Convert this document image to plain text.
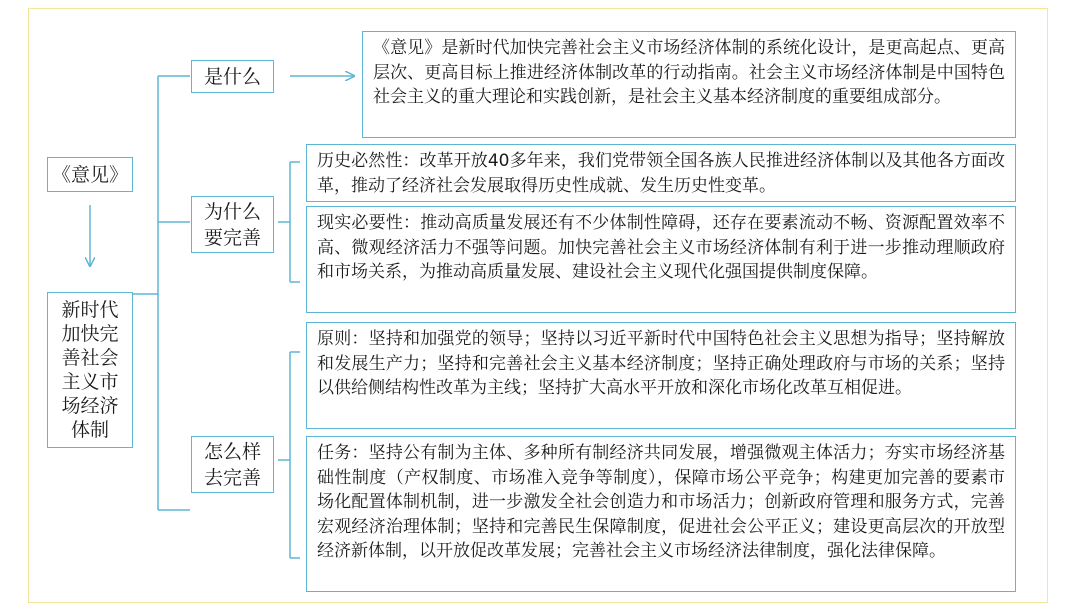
《意见》
新时代加快完善社会主义市场经济体制
是什么
《意见》是新时代加快完善社会主义市场经济体制的系统化设计，是更高起点、更高层次、更高目标上推进经济体制改革的行动指南。社会主义市场经济体制是中国特色社会主义的重大理论和实践创新，是社会主义基本经济制度的重要组成部分。
为什么要完善
历史必然性：改革开放40多年来，我们党带领全国各族人民推进经济体制以及其他各方面改革，推动了经济社会发展取得历史性成就、发生历史性变革。
现实必要性：推动高质量发展还有不少体制性障碍，还存在要素流动不畅、资源配置效率不高、微观经济活力不强等问题。加快完善社会主义市场经济体制有利于进一步推动理顺政府和市场关系，为推动高质量发展、建设社会主义现代化强国提供制度保障。
怎么样去完善
原则：坚持和加强党的领导；坚持以习近平新时代中国特色社会主义思想为指导；坚持解放和发展生产力；坚持和完善社会主义基本经济制度；坚持正确处理政府与市场的关系；坚持以供给侧结构性改革为主线；坚持扩大高水平开放和深化市场化改革互相促进。
任务：坚持公有制为主体、多种所有制经济共同发展，增强微观主体活力；夯实市场经济基础性制度（产权制度、市场准入竞争等制度），保障市场公平竞争；构建更加完善的要素市场化配置体制机制，进一步激发全社会创造力和市场活力；创新政府管理和服务方式，完善宏观经济治理体制；坚持和完善民生保障制度，促进社会公平正义；建设更高层次的开放型经济新体制，以开放促改革发展；完善社会主义市场经济法律制度，强化法律保障。
